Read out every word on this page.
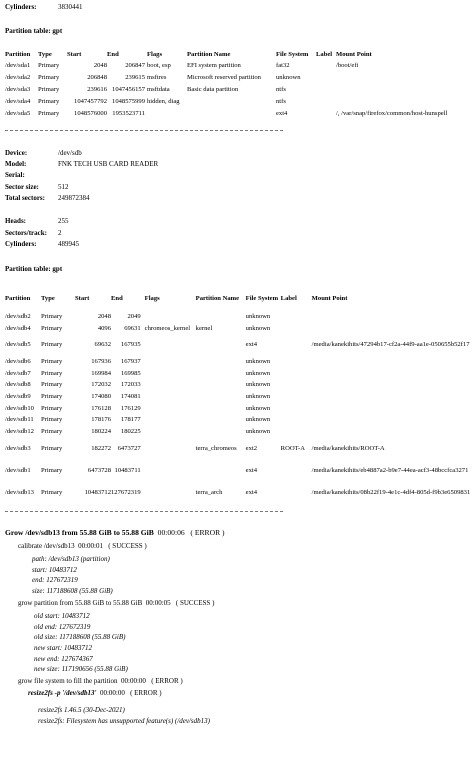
Cylinders:	3830441
Partition table: gpt
Partition	Type	Start	End	Flags	Partition Name	File System	Label	Mount Point
/dev/sda1	Primary	2048	206847	boot, esp	EFI system partition	fat32		/boot/efi
/dev/sda2	Primary	206848	239615	msftres	Microsoft reserved partition	unknown		
/dev/sda3	Primary	239616	1047456157	msftdata	Basic data partition	ntfs		
/dev/sda4	Primary	1047457792	1048575999	hidden, diag		ntfs		
/dev/sda5	Primary	1048576000	1953523711			ext4		/, /var/snap/firefox/common/host-hunspell
Device:	/dev/sdb
Model:	FNK TECH USB CARD READER
Serial:
Sector size:	512
Total sectors: 249872384
Heads:	255
Sectors/track: 2
Cylinders:	489945
Partition table: gpt
Partition	Type	Start	End	Flags	Partition Name	File System	Label	Mount Point
/dev/sdb2	Primary	2048	2049			unknown		
/dev/sdb4	Primary	4096	69631	chromeos_kernel	kernel	unknown		
/dev/sdb5	Primary	69632	167935			ext4		/media/kanekihits/47294b17-cf2a-44f9-aa1e-050655b52f17
/dev/sdb6	Primary	167936	167937			unknown		
/dev/sdb7	Primary	169984	169985			unknown		
/dev/sdb8	Primary	172032	172033			unknown		
/dev/sdb9	Primary	174080	174081			unknown		
/dev/sdb10	Primary	176128	176129			unknown		
/dev/sdb11	Primary	178176	178177			unknown		
/dev/sdb12	Primary	180224	180225			unknown		
/dev/sdb3	Primary	182272	6473727		terra_chromeos	ext2	ROOT-A	/media/kanekihits/ROOT-A
/dev/sdb1	Primary	6473728	10483711			ext4		/media/kanekihits/eb4887a2-b9e7-44ea-acf3-48bccfca3271
/dev/sdb13	Primary	10483712	127672319		terra_arch	ext4		/media/kanekihits/08b22f19-4e1c-4df4-805d-f9b3e6509831
Grow /dev/sdb13 from 55.88 GiB to 55.88 GiB 00:00:06 ( ERROR )
calibrate /dev/sdb13 00:00:01 ( SUCCESS )
path: /dev/sdb13 (partition)
start: 10483712
end: 127672319
size: 117188608 (55.88 GiB)
grow partition from 55.88 GiB to 55.88 GiB 00:00:05 ( SUCCESS )
old start: 10483712
old end: 127672319
old size: 117188608 (55.88 GiB)
new start: 10483712
new end: 127674367
new size: 117190656 (55.88 GiB)
grow file system to fill the partition 00:00:00 ( ERROR )
resize2fs -p '/dev/sdb13' 00:00:00 ( ERROR )
resize2fs 1.46.5 (30-Dec-2021)
resize2fs: Filesystem has unsupported feature(s) (/dev/sdb13)
